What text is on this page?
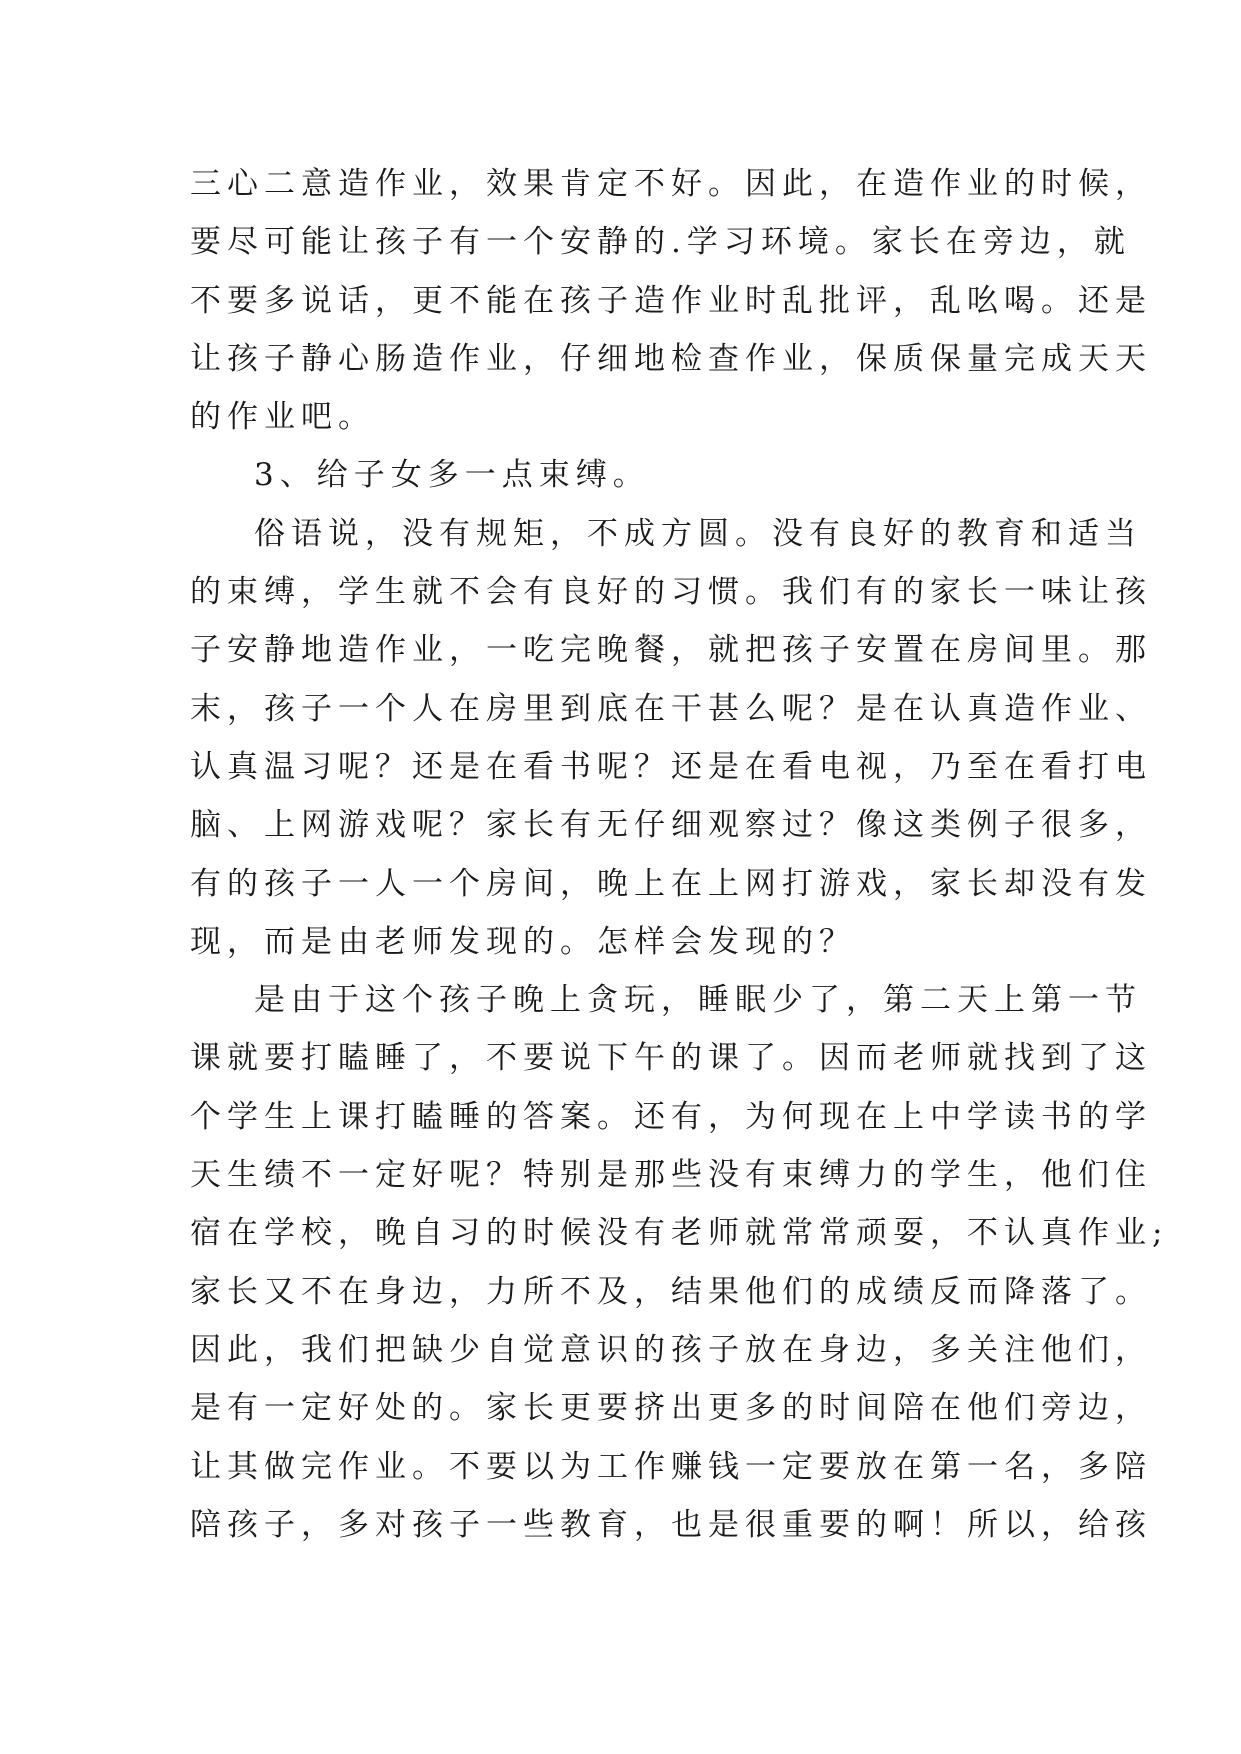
三心二意造作业，效果肯定不好。因此，在造作业的时候，
要尽可能让孩子有一个安静的.学习环境。家长在旁边，就
不要多说话，更不能在孩子造作业时乱批评，乱吆喝。还是
让孩子静心肠造作业，仔细地检查作业，保质保量完成天天
的作业吧。
3、给子女多一点束缚。
俗语说，没有规矩，不成方圆。没有良好的教育和适当
的束缚，学生就不会有良好的习惯。我们有的家长一味让孩
子安静地造作业，一吃完晚餐，就把孩子安置在房间里。那
末，孩子一个人在房里到底在干甚么呢？是在认真造作业、
认真温习呢？还是在看书呢？还是在看电视，乃至在看打电
脑、上网游戏呢？家长有无仔细观察过？像这类例子很多，
有的孩子一人一个房间，晚上在上网打游戏，家长却没有发
现，而是由老师发现的。怎样会发现的？
是由于这个孩子晚上贪玩，睡眠少了，第二天上第一节
课就要打瞌睡了，不要说下午的课了。因而老师就找到了这
个学生上课打瞌睡的答案。还有，为何现在上中学读书的学
天生绩不一定好呢？特别是那些没有束缚力的学生，他们住
宿在学校，晚自习的时候没有老师就常常顽耍，不认真作业;
家长又不在身边，力所不及，结果他们的成绩反而降落了。
因此，我们把缺少自觉意识的孩子放在身边，多关注他们，
是有一定好处的。家长更要挤出更多的时间陪在他们旁边，
让其做完作业。不要以为工作赚钱一定要放在第一名，多陪
陪孩子，多对孩子一些教育，也是很重要的啊！所以，给孩
